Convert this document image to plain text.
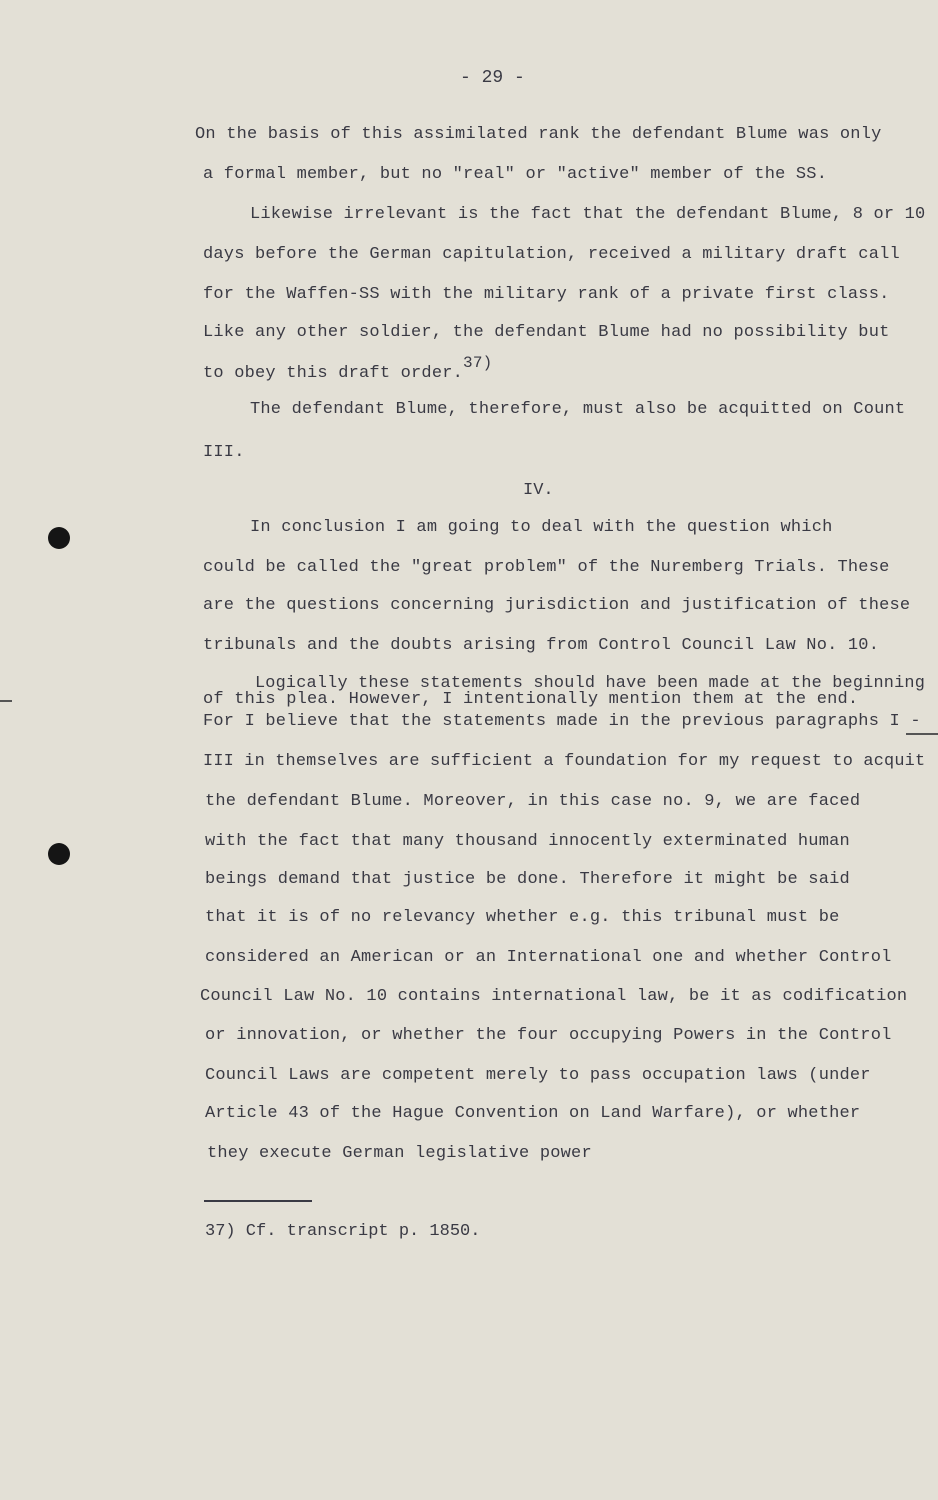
- 29 -
On the basis of this assimilated rank the defendant Blume was only
a formal member, but no "real" or "active" member of the SS.
Likewise irrelevant is the fact that the defendant Blume, 8 or 10
days before the German capitulation, received a military draft call
for the Waffen-SS with the military rank of a private first class.
Like any other soldier, the defendant Blume had no possibility but
to obey this draft order.37)
The defendant Blume, therefore, must also be acquitted on Count
III.
IV.
In conclusion I am going to deal with the question which
could be called the "great problem" of the Nuremberg Trials. These
are the questions concerning jurisdiction and justification of these
tribunals and the doubts arising from Control Council Law No. 10.
Logically these statements should have been made at the beginning
of this plea. However, I intentionally mention them at the end.
For I believe that the statements made in the previous paragraphs I -
III in themselves are sufficient a foundation for my request to acquit
the defendant Blume. Moreover, in this case no. 9, we are faced
with the fact that many thousand innocently exterminated human
beings demand that justice be done. Therefore it might be said
that it is of no relevancy whether e.g. this tribunal must be
considered an American or an International one and whether Control
Council Law No. 10 contains international law, be it as codification
or innovation, or whether the four occupying Powers in the Control
Council Laws are competent merely to pass occupation laws (under
Article 43 of the Hague Convention on Land Warfare), or whether
they execute German legislative power
37) Cf. transcript p. 1850.
